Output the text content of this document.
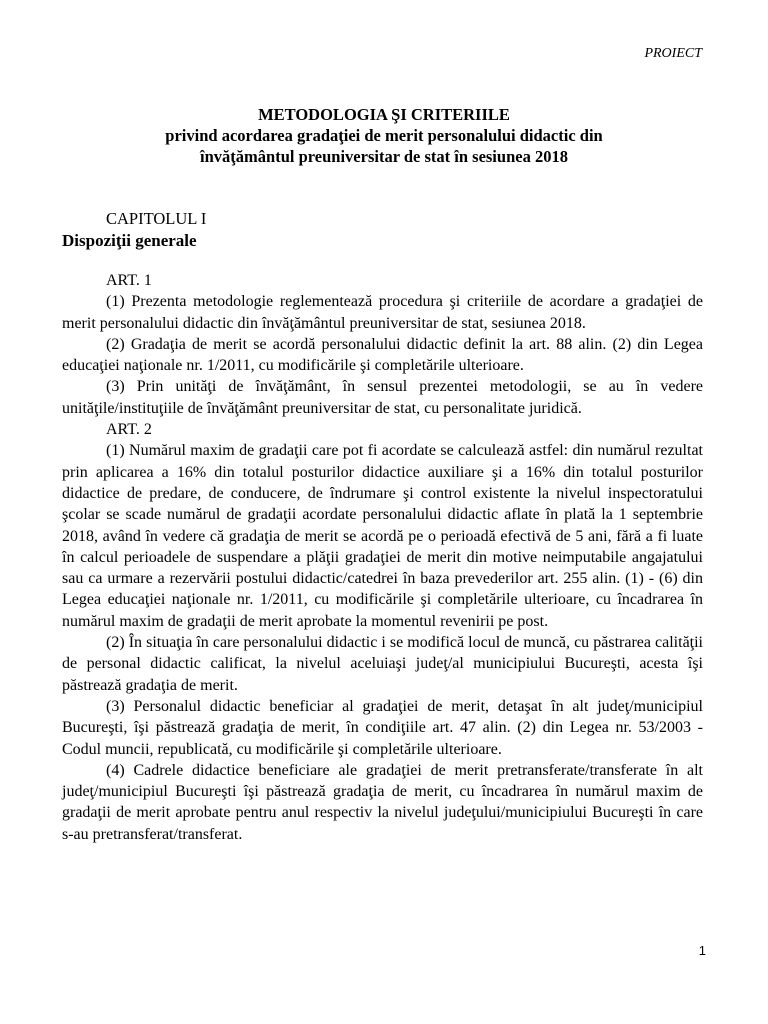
PROIECT
METODOLOGIA ŞI CRITERIILE
privind acordarea gradaţiei de merit personalului didactic din
învăţământul preuniversitar de stat în sesiunea 2018
CAPITOLUL I
Dispoziţii generale

ART. 1

(1) Prezenta metodologie reglementează procedura şi criteriile de acordare a gradaţiei de merit personalului didactic din învăţământul preuniversitar de stat, sesiunea 2018.

(2) Gradaţia de merit se acordă personalului didactic definit la art. 88 alin. (2) din Legea educaţiei naţionale nr. 1/2011, cu modificările şi completările ulterioare.

(3) Prin unităţi de învăţământ, în sensul prezentei metodologii, se au în vedere unităţile/instituţiile de învăţământ preuniversitar de stat, cu personalitate juridică.

ART. 2

(1) Numărul maxim de gradaţii care pot fi acordate se calculează astfel: din numărul rezultat prin aplicarea a 16% din totalul posturilor didactice auxiliare şi a 16% din totalul posturilor didactice de predare, de conducere, de îndrumare şi control existente la nivelul inspectoratului şcolar se scade numărul de gradaţii acordate personalului didactic aflate în plată la 1 septembrie 2018, având în vedere că gradaţia de merit se acordă pe o perioadă efectivă de 5 ani, fără a fi luate în calcul perioadele de suspendare a plăţii gradaţiei de merit din motive neimputabile angajatului sau ca urmare a rezervării postului didactic/catedrei în baza prevederilor art. 255 alin. (1) - (6) din Legea educaţiei naţionale nr. 1/2011, cu modificările şi completările ulterioare, cu încadrarea în numărul maxim de gradaţii de merit aprobate la momentul revenirii pe post.

(2) În situaţia în care personalului didactic i se modifică locul de muncă, cu păstrarea calităţii de personal didactic calificat, la nivelul aceluiaşi judeţ/al municipiului Bucureşti, acesta îşi păstrează gradaţia de merit.

(3) Personalul didactic beneficiar al gradaţiei de merit, detaşat în alt judeţ/municipiul Bucureşti, îşi păstrează gradaţia de merit, în condiţiile art. 47 alin. (2) din Legea nr. 53/2003 - Codul muncii, republicată, cu modificările şi completările ulterioare.

(4) Cadrele didactice beneficiare ale gradaţiei de merit pretransferate/transferate în alt judeţ/municipiul Bucureşti îşi păstrează gradaţia de merit, cu încadrarea în numărul maxim de gradaţii de merit aprobate pentru anul respectiv la nivelul judeţului/municipiului Bucureşti în care s-au pretransferat/transferat.

1
